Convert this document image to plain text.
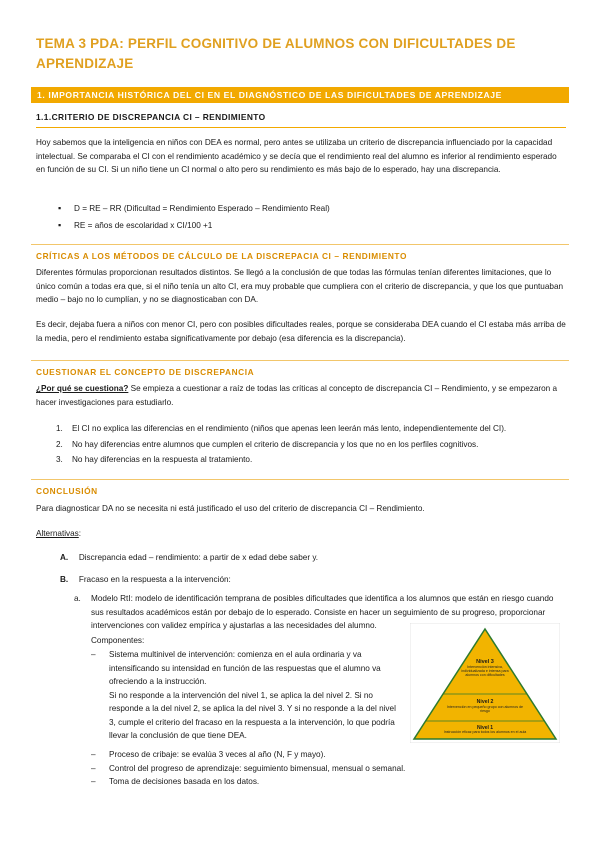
TEMA 3 PDA: PERFIL COGNITIVO DE ALUMNOS CON DIFICULTADES DE APRENDIZAJE
1. IMPORTANCIA HISTÓRICA DEL CI EN EL DIAGNÓSTICO DE LAS DIFICULTADES DE APRENDIZAJE
1.1.CRITERIO DE DISCREPANCIA CI – RENDIMIENTO
Hoy sabemos que la inteligencia en niños con DEA es normal, pero antes se utilizaba un criterio de discrepancia influenciado por la capacidad intelectual. Se comparaba el CI con el rendimiento académico y se decía que el rendimiento real del alumno es inferior al rendimiento esperado en función de su CI. Si un niño tiene un CI normal o alto pero su rendimiento es más bajo de lo esperado, hay una discrepancia.
▪ D = RE – RR (Dificultad = Rendimiento Esperado – Rendimiento Real)
▪ RE = años de escolaridad x CI/100 +1
CRÍTICAS A LOS MÉTODOS DE CÁLCULO DE LA DISCREPACIA CI – RENDIMIENTO
Diferentes fórmulas proporcionan resultados distintos. Se llegó a la conclusión de que todas las fórmulas tenían diferentes limitaciones, que lo único común a todas era que, si el niño tenía un alto CI, era muy probable que cumpliera con el criterio de discrepancia, y que los que puntuaban medio – bajo no lo cumplían, y no se diagnosticaban con DA.
Es decir, dejaba fuera a niños con menor CI, pero con posibles dificultades reales, porque se consideraba DEA cuando el CI estaba más arriba de la media, pero el rendimiento estaba significativamente por debajo (esa diferencia es la discrepancia).
CUESTIONAR EL CONCEPTO DE DISCREPANCIA
¿Por qué se cuestiona? Se empieza a cuestionar a raíz de todas las críticas al concepto de discrepancia CI – Rendimiento, y se empezaron a hacer investigaciones para estudiarlo.
1. El CI no explica las diferencias en el rendimiento (niños que apenas leen leerán más lento, independientemente del CI).
2. No hay diferencias entre alumnos que cumplen el criterio de discrepancia y los que no en los perfiles cognitivos.
3. No hay diferencias en la respuesta al tratamiento.
CONCLUSIÓN
Para diagnosticar DA no se necesita ni está justificado el uso del criterio de discrepancia CI – Rendimiento.
Alternativas:
A. Discrepancia edad – rendimiento: a partir de x edad debe saber y.
B. Fracaso en la respuesta a la intervención:
a. Modelo RtI: modelo de identificación temprana de posibles dificultades que identifica a los alumnos que están en riesgo cuando sus resultados académicos están por debajo de lo esperado. Consiste en hacer un seguimiento de su progreso, proporcionar intervenciones con validez empírica y ajustarlas a las necesidades del alumno.
Componentes:
– Sistema multinivel de intervención: comienza en el aula ordinaria y va intensificando su intensidad en función de las respuestas que el alumno va ofreciendo a la instrucción.
Si no responde a la intervención del nivel 1, se aplica la del nivel 2. Si no responde a la del nivel 2, se aplica la del nivel 3. Y si no responde a la del nivel 3, cumple el criterio del fracaso en la respuesta a la intervención, lo que podría llevar la conclusión de que tiene DEA.
– Proceso de cribaje: se evalúa 3 veces al año (N, F y mayo).
– Control del progreso de aprendizaje: seguimiento bimensual, mensual o semanal.
– Toma de decisiones basada en los datos.
Nivel 3
Intervención intensiva, individualizada e intensa para alumnos con dificultades
Nivel 2
Intervención en pequeño grupo con alumnos de riesgo
Nivel 1
Instrucción eficaz para todos los alumnos en el aula
